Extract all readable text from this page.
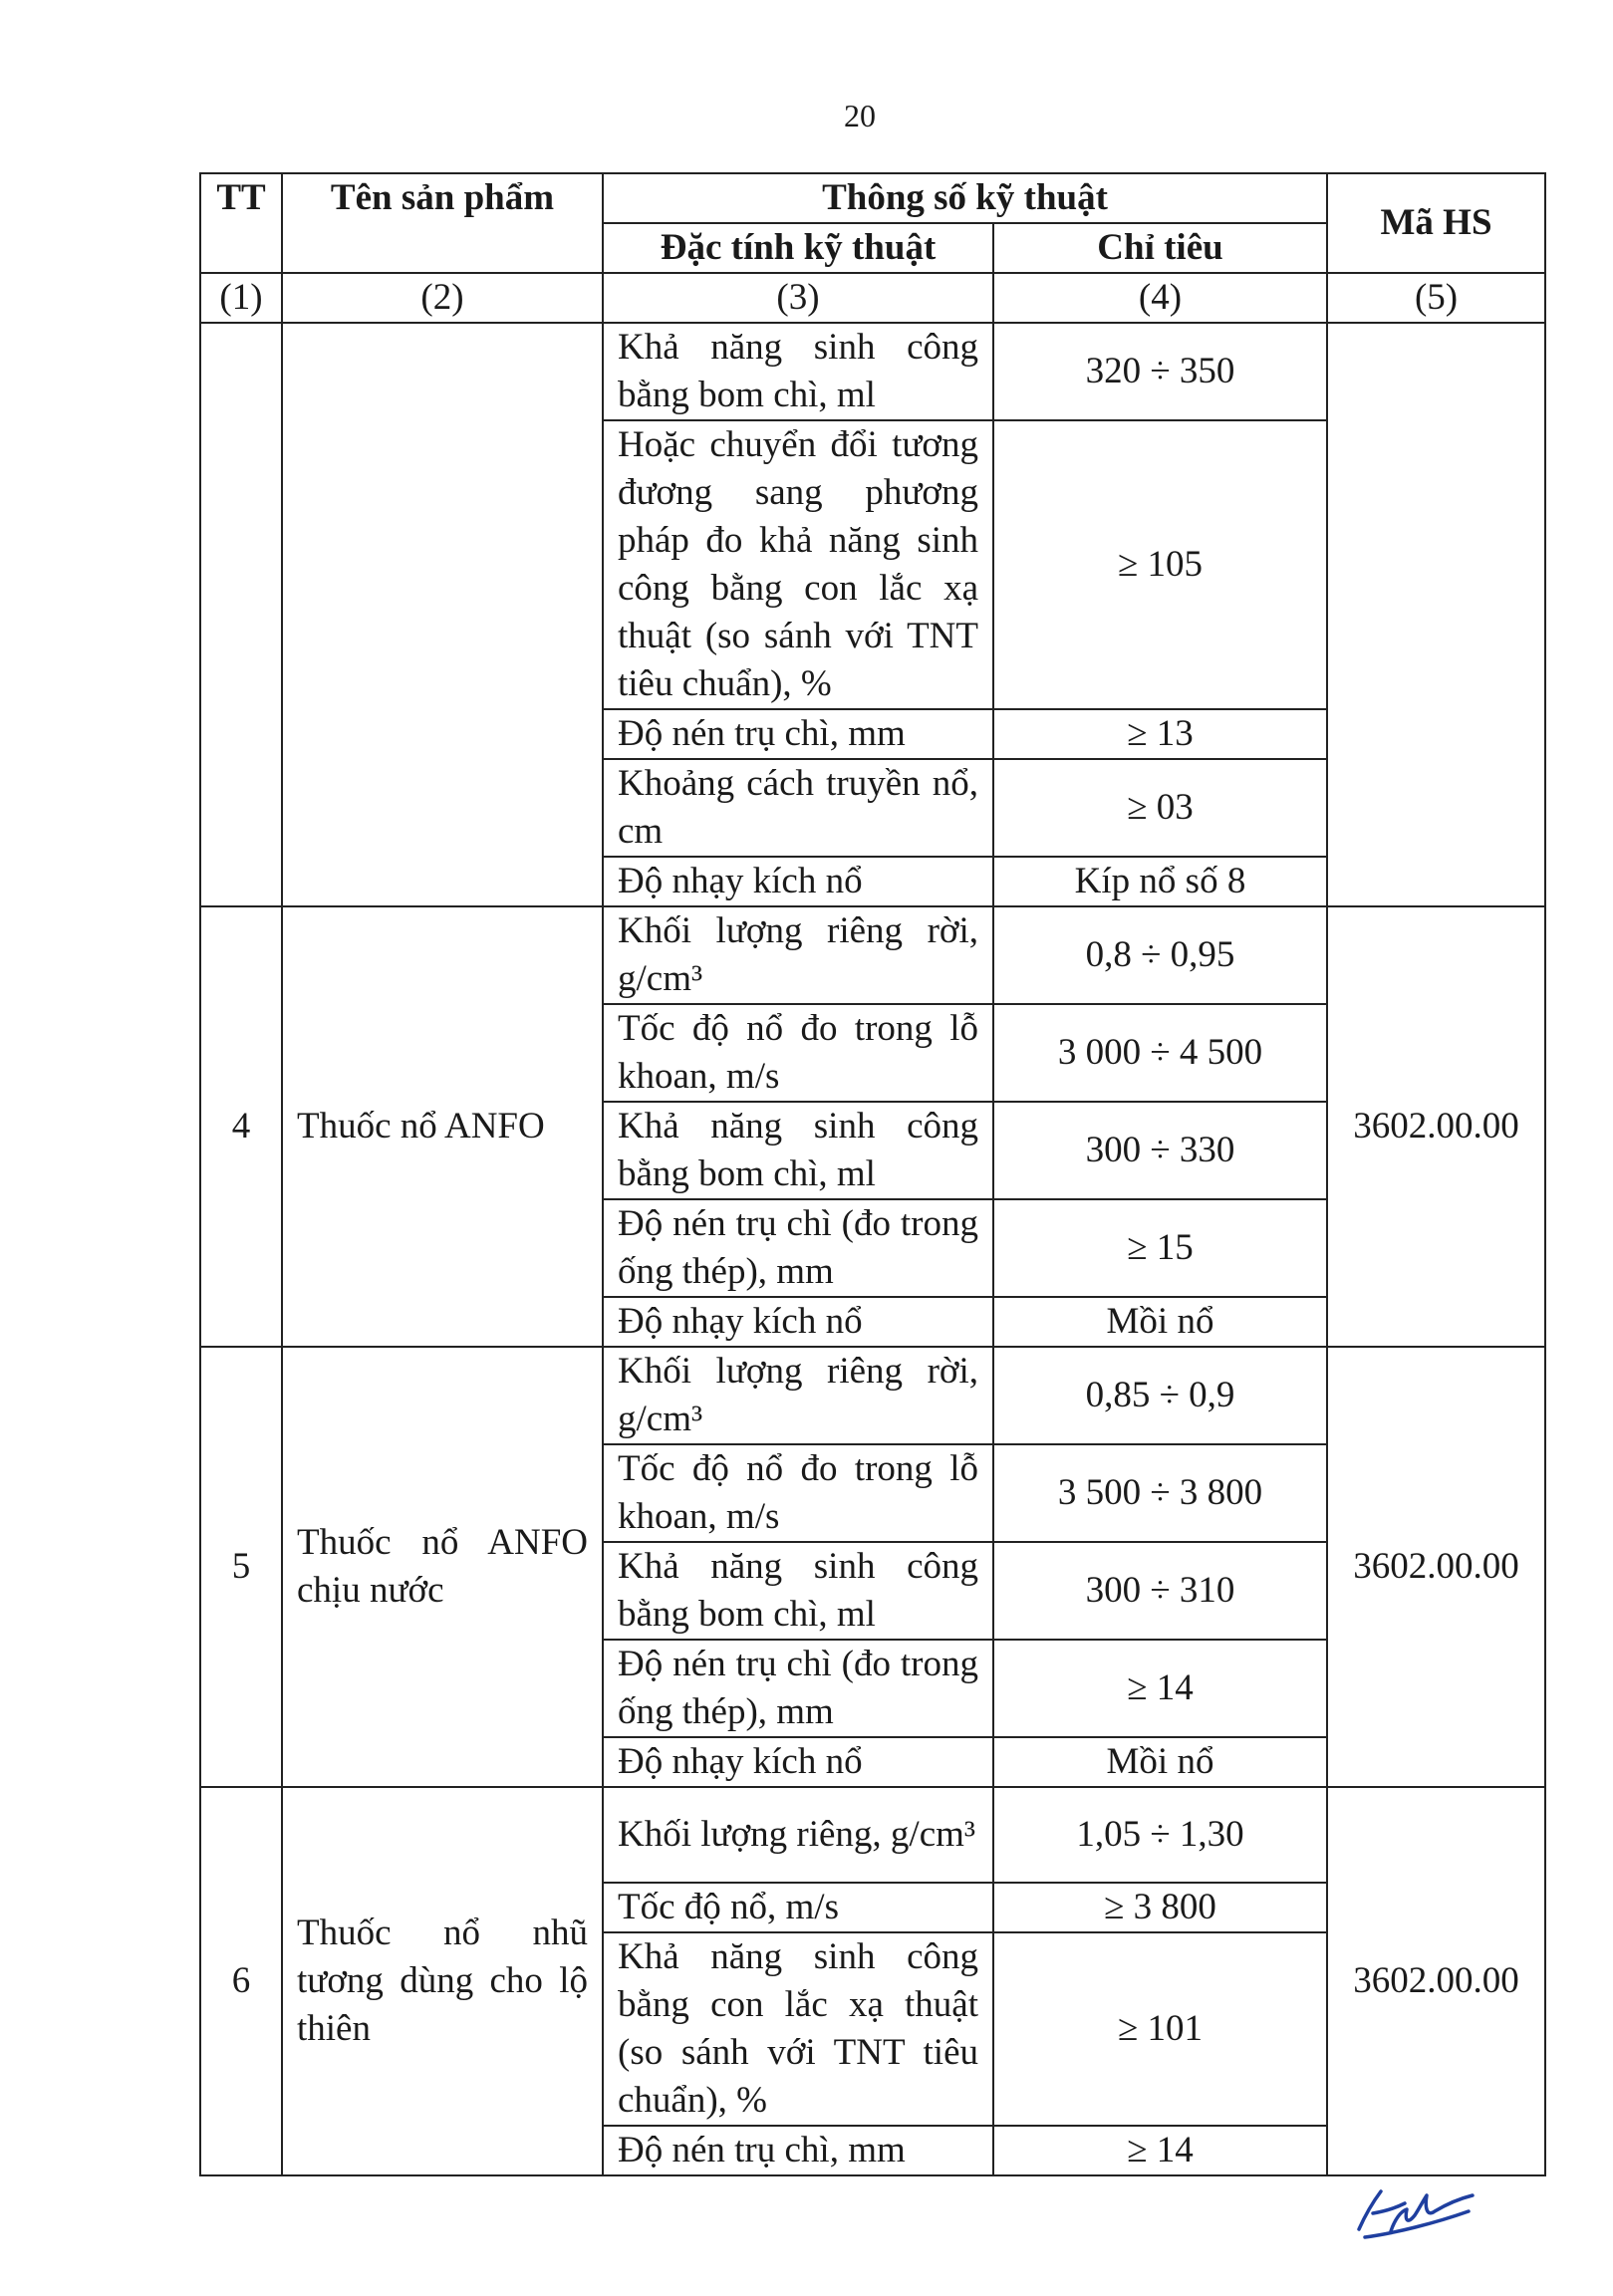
20
TT	Tên sản phẩm	Thông số kỹ thuật		Mã HS
		Đặc tính kỹ thuật	Chỉ tiêu	
(1)	(2)	(3)	(4)	(5)
		Khả năng sinh công bằng bom chì, ml	320 ÷ 350	
		Hoặc chuyển đổi tương đương sang phương pháp đo khả năng sinh công bằng con lắc xạ thuật (so sánh với TNT tiêu chuẩn), %	≥ 105	
		Độ nén trụ chì, mm	≥ 13	
		Khoảng cách truyền nổ, cm	≥ 03	
		Độ nhạy kích nổ	Kíp nổ số 8	
4	Thuốc nổ ANFO	Khối lượng riêng rời, g/cm³	0,8 ÷ 0,95	3602.00.00
		Tốc độ nổ đo trong lỗ khoan, m/s	3 000 ÷ 4 500	
		Khả năng sinh công bằng bom chì, ml	300 ÷ 330	
		Độ nén trụ chì (đo trong ống thép), mm	≥ 15	
		Độ nhạy kích nổ	Mồi nổ	
5	Thuốc nổ ANFO chịu nước	Khối lượng riêng rời, g/cm³	0,85 ÷ 0,9	3602.00.00
		Tốc độ nổ đo trong lỗ khoan, m/s	3 500 ÷ 3 800	
		Khả năng sinh công bằng bom chì, ml	300 ÷ 310	
		Độ nén trụ chì (đo trong ống thép), mm	≥ 14	
		Độ nhạy kích nổ	Mồi nổ	
6	Thuốc nổ nhũ tương dùng cho lộ thiên	Khối lượng riêng, g/cm³	1,05 ÷ 1,30	3602.00.00
		Tốc độ nổ, m/s	≥ 3 800	
		Khả năng sinh công bằng con lắc xạ thuật (so sánh với TNT tiêu chuẩn), %	≥ 101	
		Độ nén trụ chì, mm	≥ 14	
